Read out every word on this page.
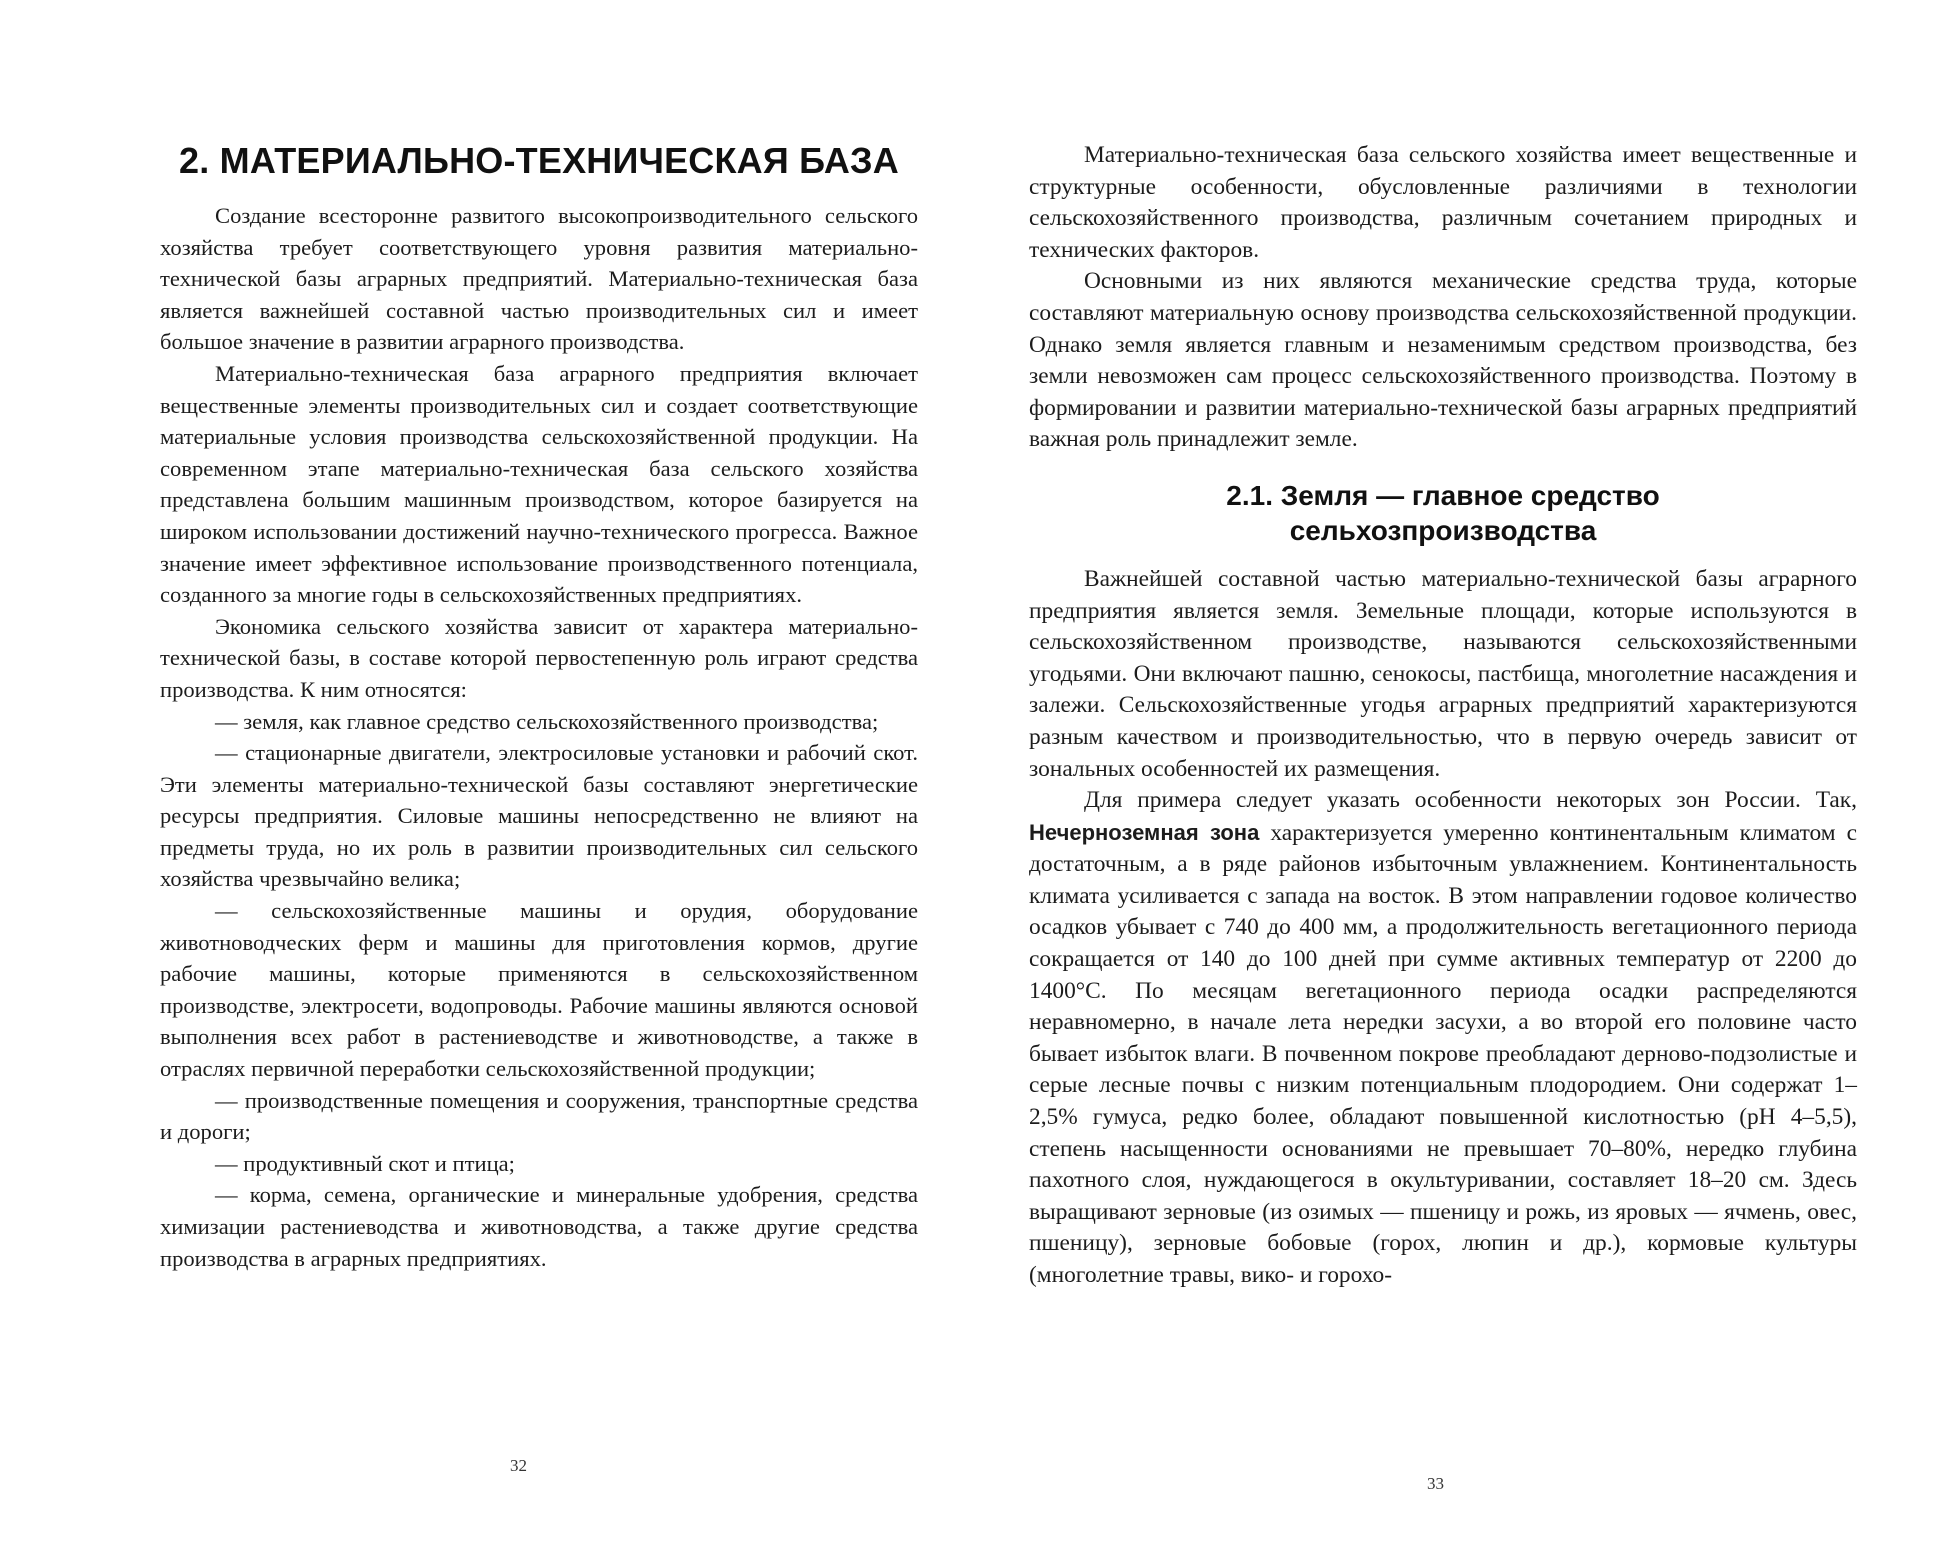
2. МАТЕРИАЛЬНО-ТЕХНИЧЕСКАЯ БАЗА

Создание всесторонне развитого высокопроизводительного сельского хозяйства требует соответствующего уровня развития материально-технической базы аграрных предприятий. Материально-техническая база является важнейшей составной частью производительных сил и имеет большое значение в развитии аграрного производства.

Материально-техническая база аграрного предприятия включает вещественные элементы производительных сил и создает соответствующие материальные условия производства сельскохозяйственной продукции. На современном этапе материально-техническая база сельского хозяйства представлена большим машинным производством, которое базируется на широком использовании достижений научно-технического прогресса. Важное значение имеет эффективное использование производственного потенциала, созданного за многие годы в сельскохозяйственных предприятиях.

Экономика сельского хозяйства зависит от характера материально-технической базы, в составе которой первостепенную роль играют средства производства. К ним относятся:

— земля, как главное средство сельскохозяйственного производства;
— стационарные двигатели, электросиловые установки и рабочий скот. Эти элементы материально-технической базы составляют энергетические ресурсы предприятия. Силовые машины непосредственно не влияют на предметы труда, но их роль в развитии производительных сил сельского хозяйства чрезвычайно велика;
— сельскохозяйственные машины и орудия, оборудование животноводческих ферм и машины для приготовления кормов, другие рабочие машины, которые применяются в сельскохозяйственном производстве, электросети, водопроводы. Рабочие машины являются основой выполнения всех работ в растениеводстве и животноводстве, а также в отраслях первичной переработки сельскохозяйственной продукции;
— производственные помещения и сооружения, транспортные средства и дороги;
— продуктивный скот и птица;
— корма, семена, органические и минеральные удобрения, средства химизации растениеводства и животноводства, а также другие средства производства в аграрных предприятиях.
32

Материально-техническая база сельского хозяйства имеет вещественные и структурные особенности, обусловленные различиями в технологии сельскохозяйственного производства, различным сочетанием природных и технических факторов.

Основными из них являются механические средства труда, которые составляют материальную основу производства сельскохозяйственной продукции. Однако земля является главным и незаменимым средством производства, без земли невозможен сам процесс сельскохозяйственного производства. Поэтому в формировании и развитии материально-технической базы аграрных предприятий важная роль принадлежит земле.

2.1. Земля — главное средство
сельхозпроизводства

Важнейшей составной частью материально-технической базы аграрного предприятия является земля. Земельные площади, которые используются в сельскохозяйственном производстве, называются сельскохозяйственными угодьями. Они включают пашню, сенокосы, пастбища, многолетние насаждения и залежи. Сельскохозяйственные угодья аграрных предприятий характеризуются разным качеством и производительностью, что в первую очередь зависит от зональных особенностей их размещения.

Для примера следует указать особенности некоторых зон России. Так, Нечерноземная зона характеризуется умеренно континентальным климатом с достаточным, а в ряде районов избыточным увлажнением. Континентальность климата усиливается с запада на восток. В этом направлении годовое количество осадков убывает с 740 до 400 мм, а продолжительность вегетационного периода сокращается от 140 до 100 дней при сумме активных температур от 2200 до 1400°C. По месяцам вегетационного периода осадки распределяются неравномерно, в начале лета нередки засухи, а во второй его половине часто бывает избыток влаги. В почвенном покрове преобладают дерново-подзолистые и серые лесные почвы с низким потенциальным плодородием. Они содержат 1–2,5% гумуса, редко более, обладают повышенной кислотностью (pH 4–5,5), степень насыщенности основаниями не превышает 70–80%, нередко глубина пахотного слоя, нуждающегося в окультуривании, составляет 18–20 см. Здесь выращивают зерновые (из озимых — пшеницу и рожь, из яровых — ячмень, овес, пшеницу), зерновые бобовые (горох, люпин и др.), кормовые культуры (многолетние травы, вико- и горохо-

33
